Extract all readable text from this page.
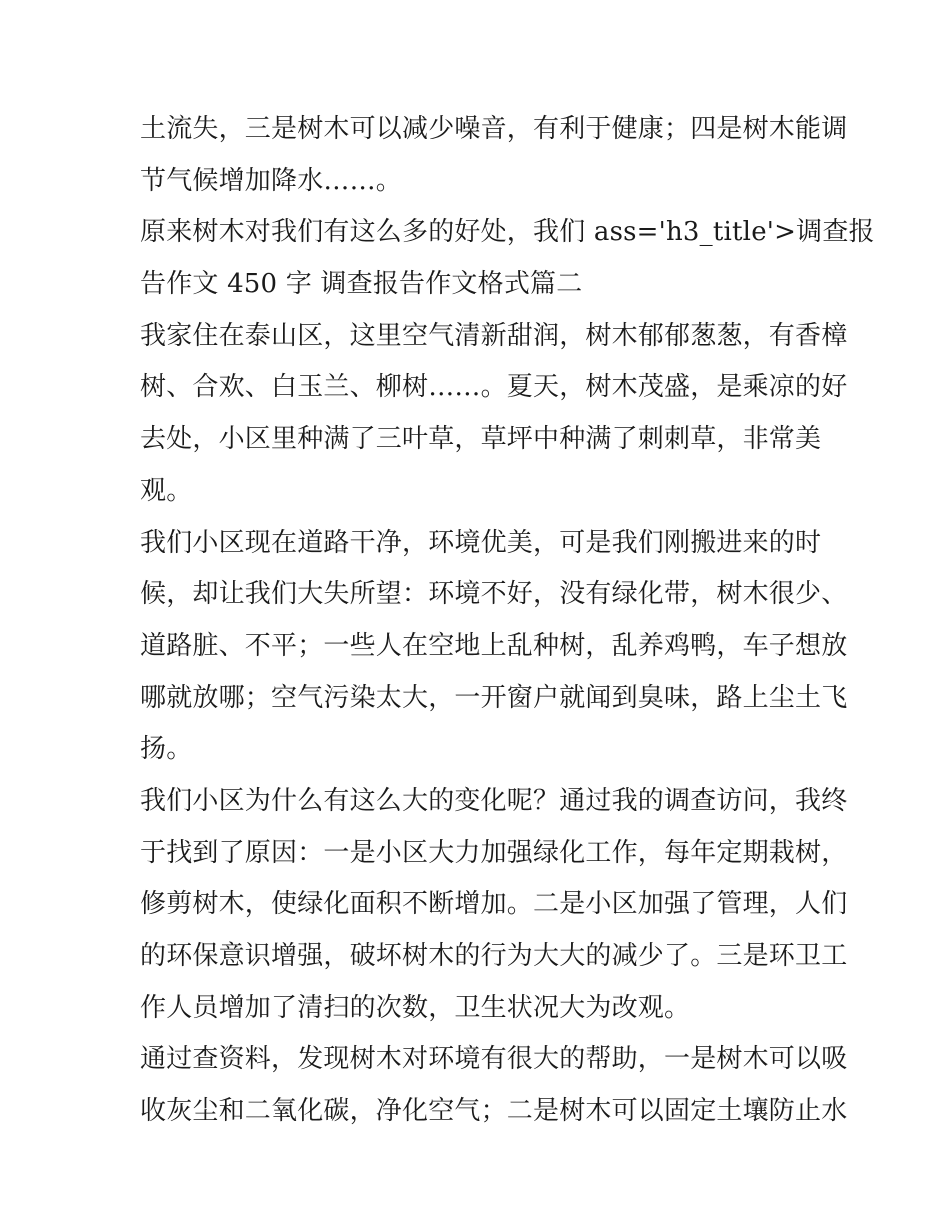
土流失，三是树木可以减少噪音，有利于健康；四是树木能调
节气候增加降水……。

原来树木对我们有这么多的好处，我们 ass='h3_title'>调查报
告作文 450 字 调查报告作文格式篇二

我家住在泰山区，这里空气清新甜润，树木郁郁葱葱，有香樟
树、合欢、白玉兰、柳树……。夏天，树木茂盛，是乘凉的好
去处，小区里种满了三叶草，草坪中种满了刺刺草，非常美
观。

我们小区现在道路干净，环境优美，可是我们刚搬进来的时
候，却让我们大失所望：环境不好，没有绿化带，树木很少、
道路脏、不平；一些人在空地上乱种树，乱养鸡鸭，车子想放
哪就放哪；空气污染太大，一开窗户就闻到臭味，路上尘土飞
扬。

我们小区为什么有这么大的变化呢？通过我的调查访问，我终
于找到了原因：一是小区大力加强绿化工作，每年定期栽树，
修剪树木，使绿化面积不断增加。二是小区加强了管理，人们
的环保意识增强，破坏树木的行为大大的减少了。三是环卫工
作人员增加了清扫的次数，卫生状况大为改观。

通过查资料，发现树木对环境有很大的帮助，一是树木可以吸
收灰尘和二氧化碳，净化空气；二是树木可以固定土壤防止水
